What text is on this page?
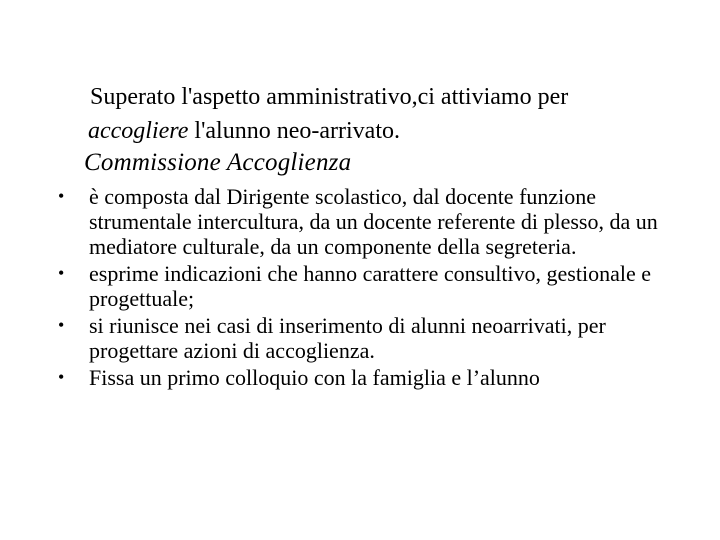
Superato l'aspetto amministrativo,ci attiviamo per
accogliere l'alunno neo-arrivato.
Commissione Accoglienza
• è composta dal Dirigente scolastico, dal docente funzione strumentale intercultura, da un docente referente di plesso, da un mediatore culturale, da un componente della segreteria.
• esprime indicazioni che hanno carattere consultivo, gestionale e progettuale;
• si riunisce nei casi di inserimento di alunni neoarrivati, per progettare azioni di accoglienza.
• Fissa un primo colloquio con la famiglia e l’alunno
